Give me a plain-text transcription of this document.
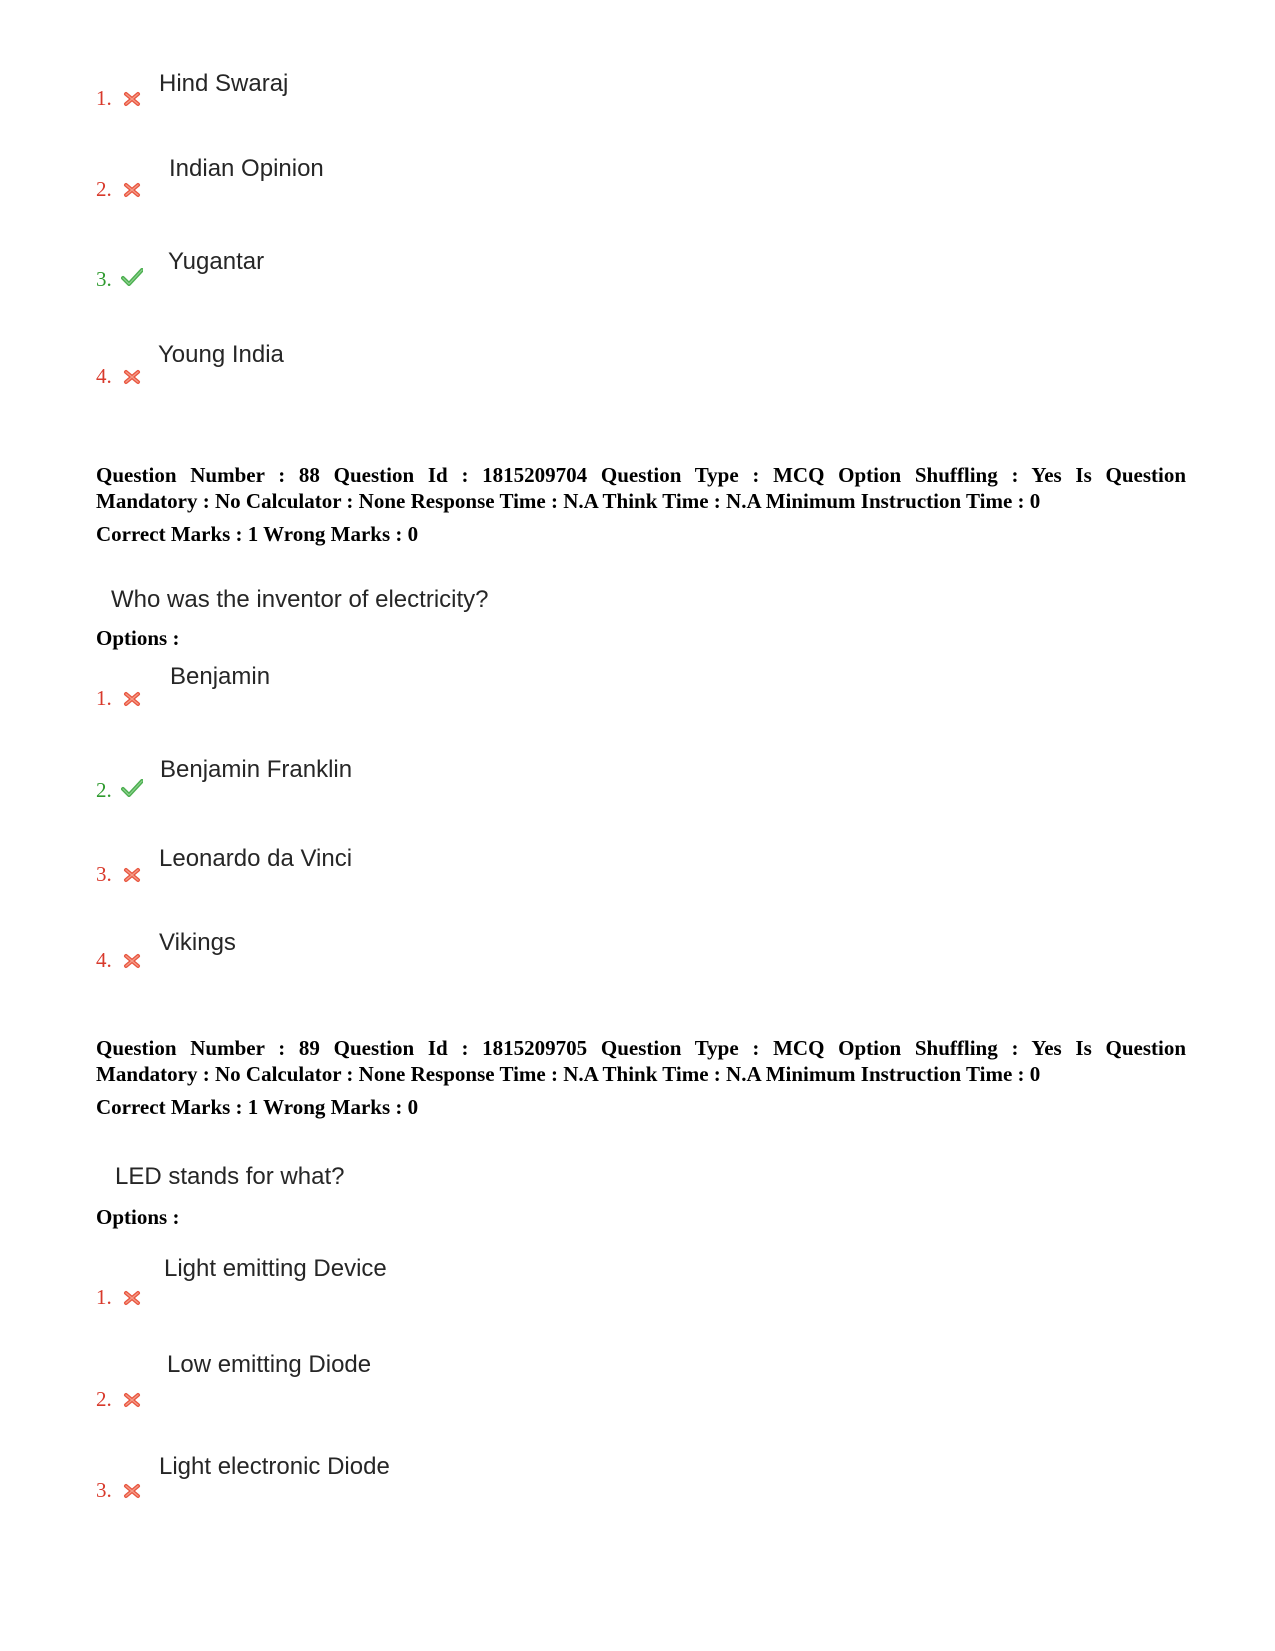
1.
Hind Swaraj
2.
Indian Opinion
3.
Yugantar
4.
Young India

Question Number : 88 Question Id : 1815209704 Question Type : MCQ Option Shuffling : Yes Is Question

Mandatory : No Calculator : None Response Time : N.A Think Time : N.A Minimum Instruction Time : 0

Correct Marks : 1 Wrong Marks : 0

Who was the inventor of electricity?
Options :
1.
Benjamin
2.
Benjamin Franklin
3.
Leonardo da Vinci
4.
Vikings

Question Number : 89 Question Id : 1815209705 Question Type : MCQ Option Shuffling : Yes Is Question

Mandatory : No Calculator : None Response Time : N.A Think Time : N.A Minimum Instruction Time : 0

Correct Marks : 1 Wrong Marks : 0

LED stands for what?
Options :
1.
Light emitting Device
2.
Low emitting Diode
3.
Light electronic Diode
